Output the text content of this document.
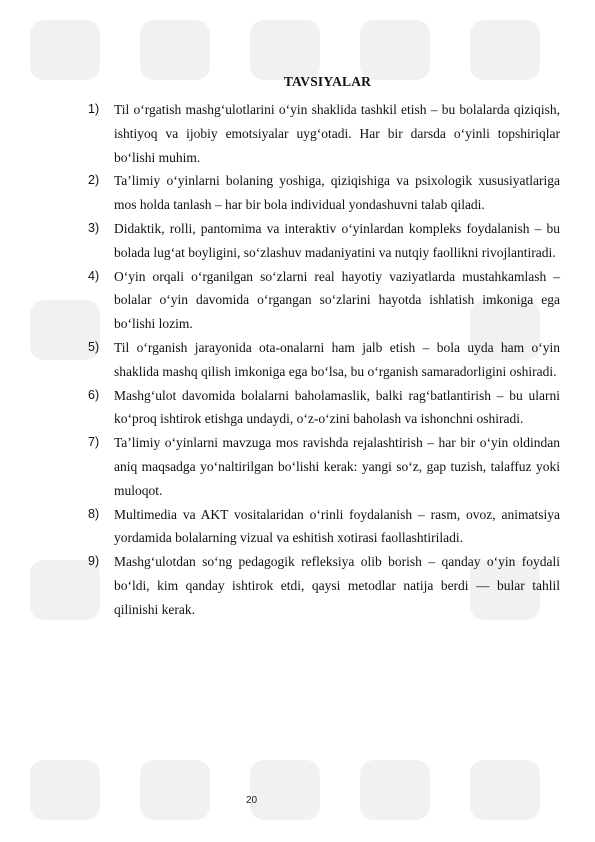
TAVSIYALAR
1) Til o‘rgatish mashg‘ulotlarini o‘yin shaklida tashkil etish – bu bolalarda qiziqish, ishtiyoq va ijobiy emotsiyalar uyg‘otadi. Har bir darsda o‘yinli topshiriqlar bo‘lishi muhim.
2) Ta’limiy o‘yinlarni bolaning yoshiga, qiziqishiga va psixologik xususiyatlariga mos holda tanlash – har bir bola individual yondashuvni talab qiladi.
3) Didaktik, rolli, pantomima va interaktiv o‘yinlardan kompleks foydalanish – bu bolada lug‘at boyligini, so‘zlashuv madaniyatini va nutqiy faollikni rivojlantiradi.
4) O‘yin orqali o‘rganilgan so‘zlarni real hayotiy vaziyatlarda mustahkamlash – bolalar o‘yin davomida o‘rgangan so‘zlarini hayotda ishlatish imkoniga ega bo‘lishi lozim.
5) Til o‘rganish jarayonida ota-onalarni ham jalb etish – bola uyda ham o‘yin shaklida mashq qilish imkoniga ega bo‘lsa, bu o‘rganish samaradorligini oshiradi.
6) Mashg‘ulot davomida bolalarni baholamaslik, balki rag‘batlantirish – bu ularni ko‘proq ishtirok etishga undaydi, o‘z-o‘zini baholash va ishonchni oshiradi.
7) Ta’limiy o‘yinlarni mavzuga mos ravishda rejalashtirish – har bir o‘yin oldindan aniq maqsadga yo‘naltirilgan bo‘lishi kerak: yangi so‘z, gap tuzish, talaffuz yoki muloqot.
8) Multimedia va AKT vositalaridan o‘rinli foydalanish – rasm, ovoz, animatsiya yordamida bolalarning vizual va eshitish xotirasi faollashtiriladi.
9) Mashg‘ulotdan so‘ng pedagogik refleksiya olib borish – qanday o‘yin foydali bo‘ldi, kim qanday ishtirok etdi, qaysi metodlar natija berdi — bular tahlil qilinishi kerak.
20
